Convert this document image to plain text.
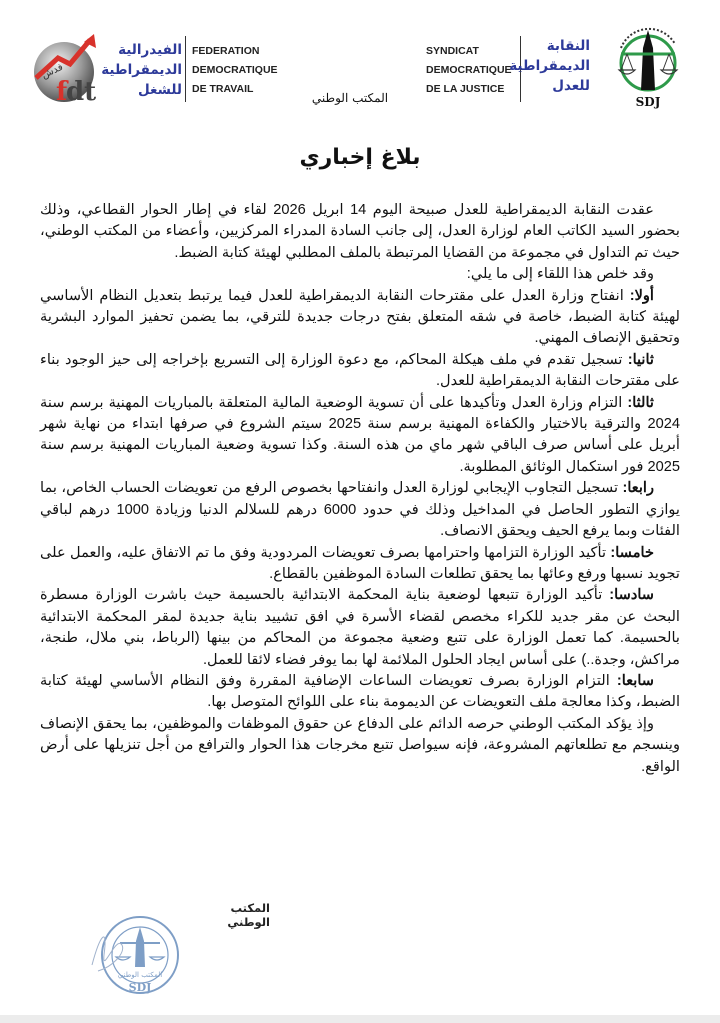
f
dt
فدش
الفيدرالية
الديمقراطية
للشغل
FEDERATION
DEMOCRATIQUE
DE TRAVAIL
SYNDICAT
DEMOCRATIQUE
DE LA JUSTICE
النقابة
الديمقراطية
للعدل
SDJ
المكتب الوطني
بلاغ إخباري

عقدت النقابة الديمقراطية للعدل صبيحة اليوم 14 ابريل 2026 لقاء في إطار الحوار القطاعي، وذلك بحضور السيد الكاتب العام لوزارة العدل، إلى جانب السادة المدراء المركزيين، وأعضاء من المكتب الوطني، حيث تم التداول في مجموعة من القضايا المرتبطة بالملف المطلبي لهيئة كتابة الضبط.

وقد خلص هذا اللقاء إلى ما يلي:

أولا: انفتاح وزارة العدل على مقترحات النقابة الديمقراطية للعدل فيما يرتبط بتعديل النظام الأساسي لهيئة كتابة الضبط، خاصة في شقه المتعلق بفتح درجات جديدة للترقي، بما يضمن تحفيز الموارد البشرية وتحقيق الإنصاف المهني.

ثانيا: تسجيل تقدم في ملف هيكلة المحاكم، مع دعوة الوزارة إلى التسريع بإخراجه إلى حيز الوجود بناء على مقترحات النقابة الديمقراطية للعدل.

ثالثا: التزام وزارة العدل وتأكيدها على أن تسوية الوضعية المالية المتعلقة بالمباريات المهنية برسم سنة 2024 والترقية بالاختيار والكفاءة المهنية برسم سنة 2025 سيتم الشروع في صرفها ابتداء من نهاية شهر أبريل على أساس صرف الباقي شهر ماي من هذه السنة. وكذا تسوية وضعية المباريات المهنية برسم سنة 2025 فور استكمال الوثائق المطلوبة.

رابعا: تسجيل التجاوب الإيجابي لوزارة العدل وانفتاحها بخصوص الرفع من تعويضات الحساب الخاص، بما يوازي التطور الحاصل في المداخيل وذلك في حدود 6000 درهم للسلالم الدنيا وزيادة 1000 درهم لباقي الفئات وبما يرفع الحيف ويحقق الانصاف.

خامسا: تأكيد الوزارة التزامها واحترامها بصرف تعويضات المردودية وفق ما تم الاتفاق عليه، والعمل على تجويد نسبها ورفع وعائها بما يحقق تطلعات السادة الموظفين بالقطاع.

سادسا: تأكيد الوزارة تتبعها لوضعية بناية المحكمة الابتدائية بالحسيمة حيث باشرت الوزارة مسطرة البحث عن مقر جديد للكراء مخصص لقضاء الأسرة في افق تشييد بناية جديدة لمقر المحكمة الابتدائية بالحسيمة. كما تعمل الوزارة على تتبع وضعية مجموعة من المحاكم من بينها (الرباط، بني ملال، طنجة، مراكش، وجدة..) على أساس ايجاد الحلول الملائمة لها بما يوفر فضاء لائقا للعمل.

سابعا: التزام الوزارة بصرف تعويضات الساعات الإضافية المقررة وفق النظام الأساسي لهيئة كتابة الضبط، وكذا معالجة ملف التعويضات عن الديمومة بناء على اللوائح المتوصل بها.

وإذ يؤكد المكتب الوطني حرصه الدائم على الدفاع عن حقوق الموظفات والموظفين، بما يحقق الإنصاف وينسجم مع تطلعاتهم المشروعة، فإنه سيواصل تتبع مخرجات هذا الحوار والترافع من أجل تنزيلها على أرض الواقع.

المكتب الوطني
المكتب الوطني
SDJ
